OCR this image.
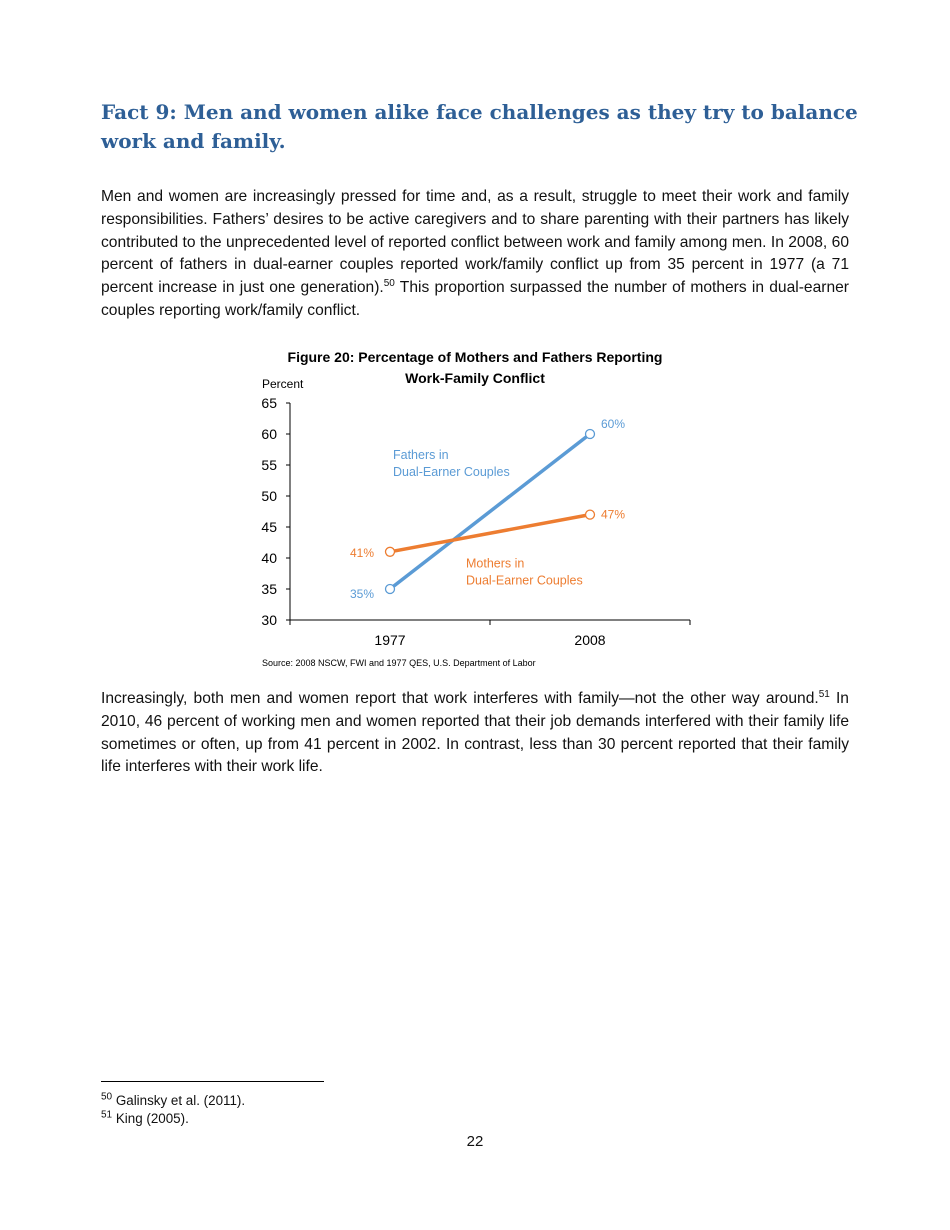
Fact 9: Men and women alike face challenges as they try to balance work and family.

Men and women are increasingly pressed for time and, as a result, struggle to meet their work and family responsibilities. Fathers’ desires to be active caregivers and to share parenting with their partners has likely contributed to the unprecedented level of reported conflict between work and family among men. In 2008, 60 percent of fathers in dual-earner couples reported work/family conflict up from 35 percent in 1977 (a 71 percent increase in just one generation).$^{50}$ This proportion surpassed the number of mothers in dual-earner couples reporting work/family conflict.

Figure 20: Percentage of Mothers and Fathers Reporting
Work-Family Conflict
Percent
30
35
40
45
50
55
60
65
1977	2008
35%
60%
41%
47%
Fathers in
Dual-Earner Couples
Mothers in
Dual-Earner Couples
Source: 2008 NSCW, FWI and 1977 QES, U.S. Department of Labor

Increasingly, both men and women report that work interferes with family—not the other way around.$^{51}$ In 2010, 46 percent of working men and women reported that their job demands interfered with their family life sometimes or often, up from 41 percent in 2002. In contrast, less than 30 percent reported that their family life interferes with their work life.

$^{50}$ Galinsky et al. (2011).
$^{51}$ King (2005).
22
